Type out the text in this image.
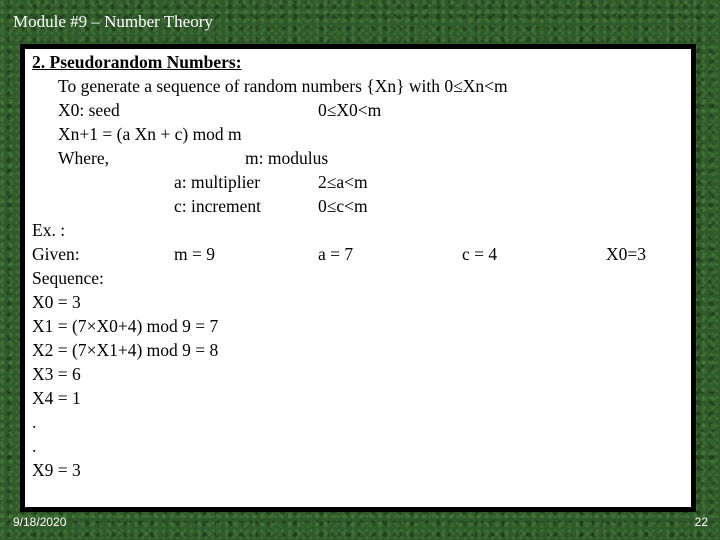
Module #9 – Number Theory
2. Pseudorandom Numbers:
To generate a sequence of random numbers {Xn} with 0≤Xn<m
X0: seed	0≤X0<m
Xn+1 = (a Xn + c) mod m
Where,	m: modulus
a: multiplier	2≤a<m
c: increment	0≤c<m
Ex. :
Given:	m = 9	a = 7	c = 4	X0=3
Sequence:
X0 = 3
X1 = (7×X0+4) mod 9 = 7
X2 = (7×X1+4) mod 9 = 8
X3 = 6
X4 = 1
.
.
X9 = 3
9/18/2020	22
